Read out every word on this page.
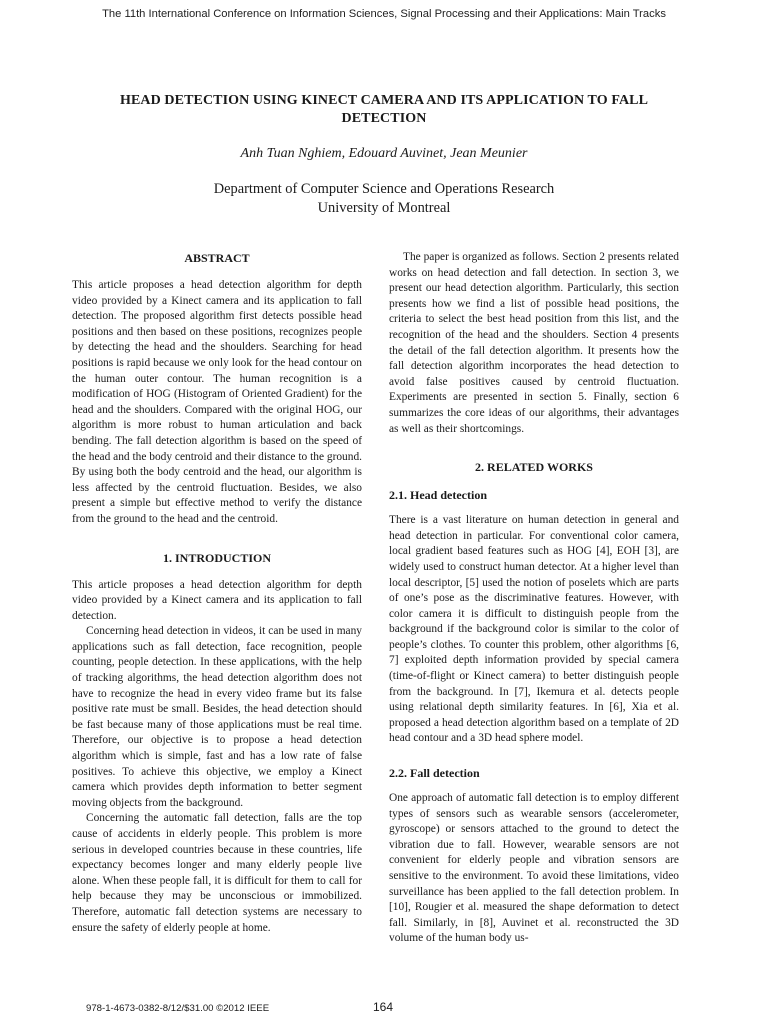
The 11th International Conference on Information Sciences, Signal Processing and their Applications: Main Tracks
HEAD DETECTION USING KINECT CAMERA AND ITS APPLICATION TO FALL DETECTION
Anh Tuan Nghiem, Edouard Auvinet, Jean Meunier
Department of Computer Science and Operations Research
University of Montreal
ABSTRACT

This article proposes a head detection algorithm for depth video provided by a Kinect camera and its application to fall detection. The proposed algorithm first detects possible head positions and then based on these positions, recognizes people by detecting the head and the shoulders. Searching for head positions is rapid because we only look for the head contour on the human outer contour. The human recognition is a modification of HOG (Histogram of Oriented Gradient) for the head and the shoulders. Compared with the original HOG, our algorithm is more robust to human articulation and back bending. The fall detection algorithm is based on the speed of the head and the body centroid and their distance to the ground. By using both the body centroid and the head, our algorithm is less affected by the centroid fluctuation. Besides, we also present a simple but effective method to verify the distance from the ground to the head and the centroid.

1. INTRODUCTION

This article proposes a head detection algorithm for depth video provided by a Kinect camera and its application to fall detection.

Concerning head detection in videos, it can be used in many applications such as fall detection, face recognition, people counting, people detection. In these applications, with the help of tracking algorithms, the head detection algorithm does not have to recognize the head in every video frame but its false positive rate must be small. Besides, the head detection should be fast because many of those applications must be real time. Therefore, our objective is to propose a head detection algorithm which is simple, fast and has a low rate of false positives. To achieve this objective, we employ a Kinect camera which provides depth information to better segment moving objects from the background.

Concerning the automatic fall detection, falls are the top cause of accidents in elderly people. This problem is more serious in developed countries because in these countries, life expectancy becomes longer and many elderly people live alone. When these people fall, it is difficult for them to call for help because they may be unconscious or immobilized. Therefore, automatic fall detection systems are necessary to ensure the safety of elderly people at home.

The paper is organized as follows. Section 2 presents related works on head detection and fall detection. In section 3, we present our head detection algorithm. Particularly, this section presents how we find a list of possible head positions, the criteria to select the best head position from this list, and the recognition of the head and the shoulders. Section 4 presents the detail of the fall detection algorithm. It presents how the fall detection algorithm incorporates the head detection to avoid false positives caused by centroid fluctuation. Experiments are presented in section 5. Finally, section 6 summarizes the core ideas of our algorithms, their advantages as well as their shortcomings.

2. RELATED WORKS
2.1. Head detection

There is a vast literature on human detection in general and head detection in particular. For conventional color camera, local gradient based features such as HOG [4], EOH [3], are widely used to construct human detector. At a higher level than local descriptor, [5] used the notion of poselets which are parts of one’s pose as the discriminative features. However, with color camera it is difficult to distinguish people from the background if the background color is similar to the color of people’s clothes. To counter this problem, other algorithms [6, 7] exploited depth information provided by special camera (time-of-flight or Kinect camera) to better distinguish people from the background. In [7], Ikemura et al. detects people using relational depth similarity features. In [6], Xia et al. proposed a head detection algorithm based on a template of 2D head contour and a 3D head sphere model.

2.2. Fall detection

One approach of automatic fall detection is to employ different types of sensors such as wearable sensors (accelerometer, gyroscope) or sensors attached to the ground to detect the vibration due to fall. However, wearable sensors are not convenient for elderly people and vibration sensors are sensitive to the environment. To avoid these limitations, video surveillance has been applied to the fall detection problem. In [10], Rougier et al. measured the shape deformation to detect fall. Similarly, in [8], Auvinet et al. reconstructed the 3D volume of the human body us-

978-1-4673-0382-8/12/$31.00 ©2012 IEEE	164
